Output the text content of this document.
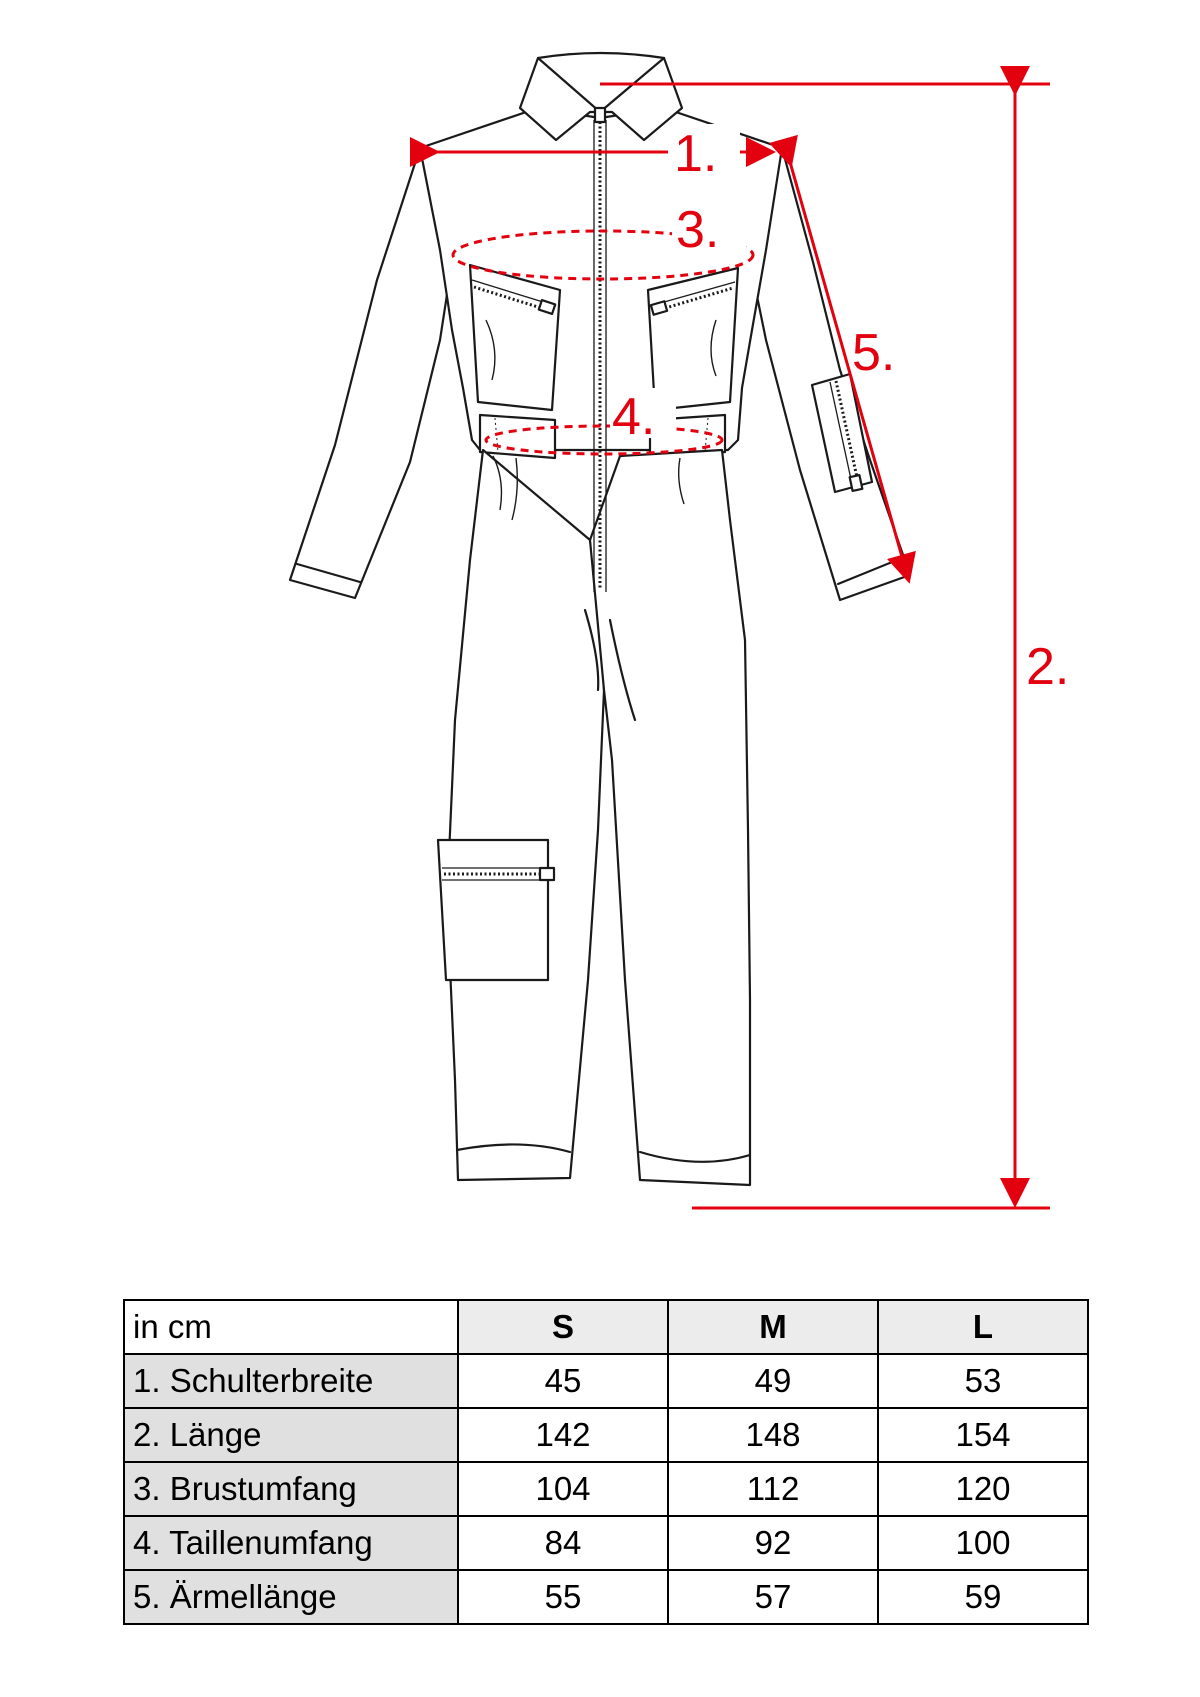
1.
3.
4.
5.
2.
in cm	S	M	L
1. Schulterbreite	45	49	53
2. Länge	142	148	154
3. Brustumfang	104	112	120
4. Taillenumfang	84	92	100
5. Ärmellänge	55	57	59
